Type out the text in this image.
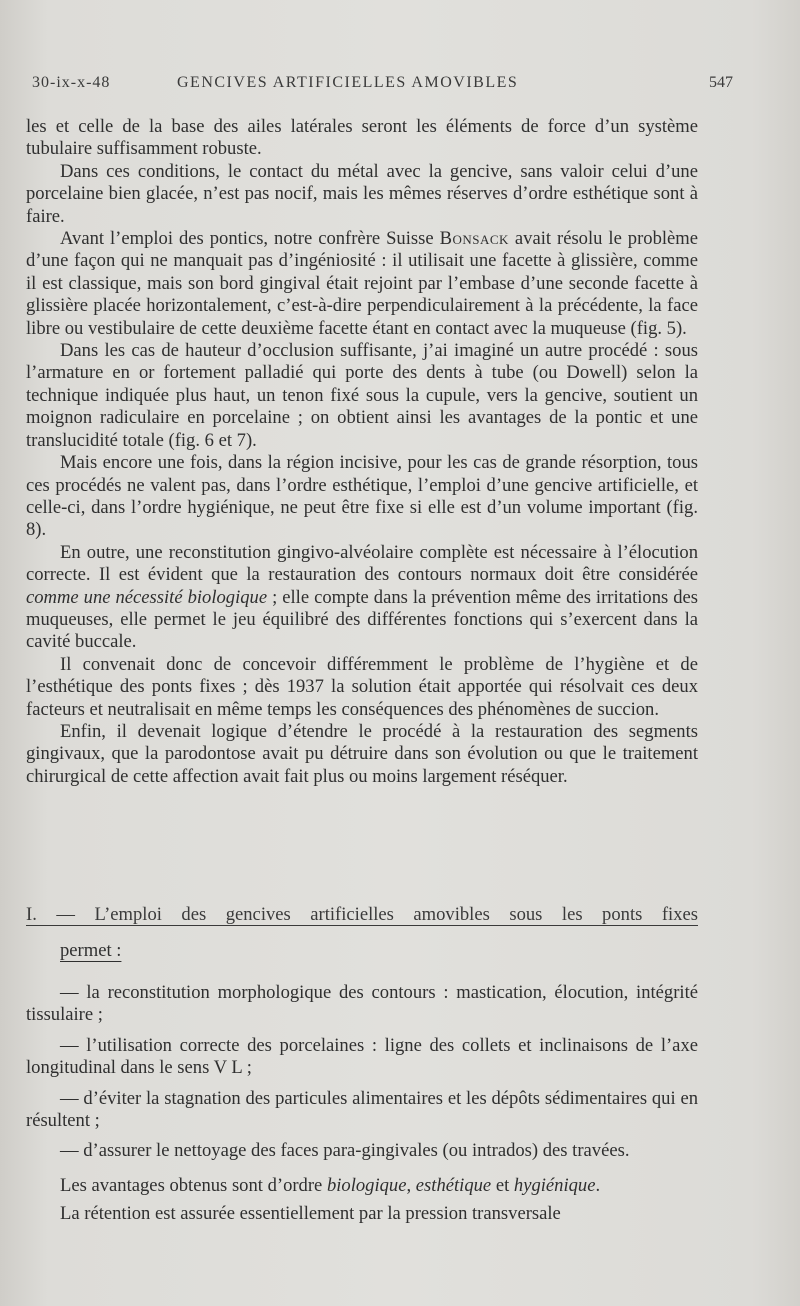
30-ix-x-48	GENCIVES ARTIFICIELLES AMOVIBLES	547

les et celle de la base des ailes latérales seront les éléments de force d’un système tubulaire suffisamment robuste.

Dans ces conditions, le contact du métal avec la gencive, sans valoir celui d’une porcelaine bien glacée, n’est pas nocif, mais les mêmes réserves d’ordre esthétique sont à faire.

Avant l’emploi des pontics, notre confrère Suisse Bonsack avait résolu le problème d’une façon qui ne manquait pas d’ingéniosité : il utilisait une facette à glissière, comme il est classique, mais son bord gingival était rejoint par l’embase d’une seconde facette à glissière placée horizontalement, c’est-à-dire perpendiculairement à la précédente, la face libre ou vestibulaire de cette deuxième facette étant en contact avec la muqueuse (fig. 5).

Dans les cas de hauteur d’occlusion suffisante, j’ai imaginé un autre procédé : sous l’armature en or fortement palladié qui porte des dents à tube (ou Dowell) selon la technique indiquée plus haut, un tenon fixé sous la cupule, vers la gencive, soutient un moignon radiculaire en porcelaine ; on obtient ainsi les avantages de la pontic et une translucidité totale (fig. 6 et 7).

Mais encore une fois, dans la région incisive, pour les cas de grande résorption, tous ces procédés ne valent pas, dans l’ordre esthétique, l’emploi d’une gencive artificielle, et celle-ci, dans l’ordre hygiénique, ne peut être fixe si elle est d’un volume important (fig. 8).

En outre, une reconstitution gingivo-alvéolaire complète est nécessaire à l’élocution correcte. Il est évident que la restauration des contours normaux doit être considérée comme une nécessité biologique ; elle compte dans la prévention même des irritations des muqueuses, elle permet le jeu équilibré des différentes fonctions qui s’exercent dans la cavité buccale.

Il convenait donc de concevoir différemment le problème de l’hygiène et de l’esthétique des ponts fixes ; dès 1937 la solution était apportée qui résolvait ces deux facteurs et neutralisait en même temps les conséquences des phénomènes de succion.

Enfin, il devenait logique d’étendre le procédé à la restauration des segments gingivaux, que la parodontose avait pu détruire dans son évolution ou que le traitement chirurgical de cette affection avait fait plus ou moins largement réséquer.

I. — L’emploi des gencives artificielles amovibles sous les ponts fixes
permet :

— la reconstitution morphologique des contours : mastication, élocution, intégrité tissulaire ;

— l’utilisation correcte des porcelaines : ligne des collets et inclinaisons de l’axe longitudinal dans le sens V L ;

— d’éviter la stagnation des particules alimentaires et les dépôts sédimentaires qui en résultent ;

— d’assurer le nettoyage des faces para-gingivales (ou intrados) des travées.

Les avantages obtenus sont d’ordre biologique, esthétique et hygiénique.

La rétention est assurée essentiellement par la pression transversale
